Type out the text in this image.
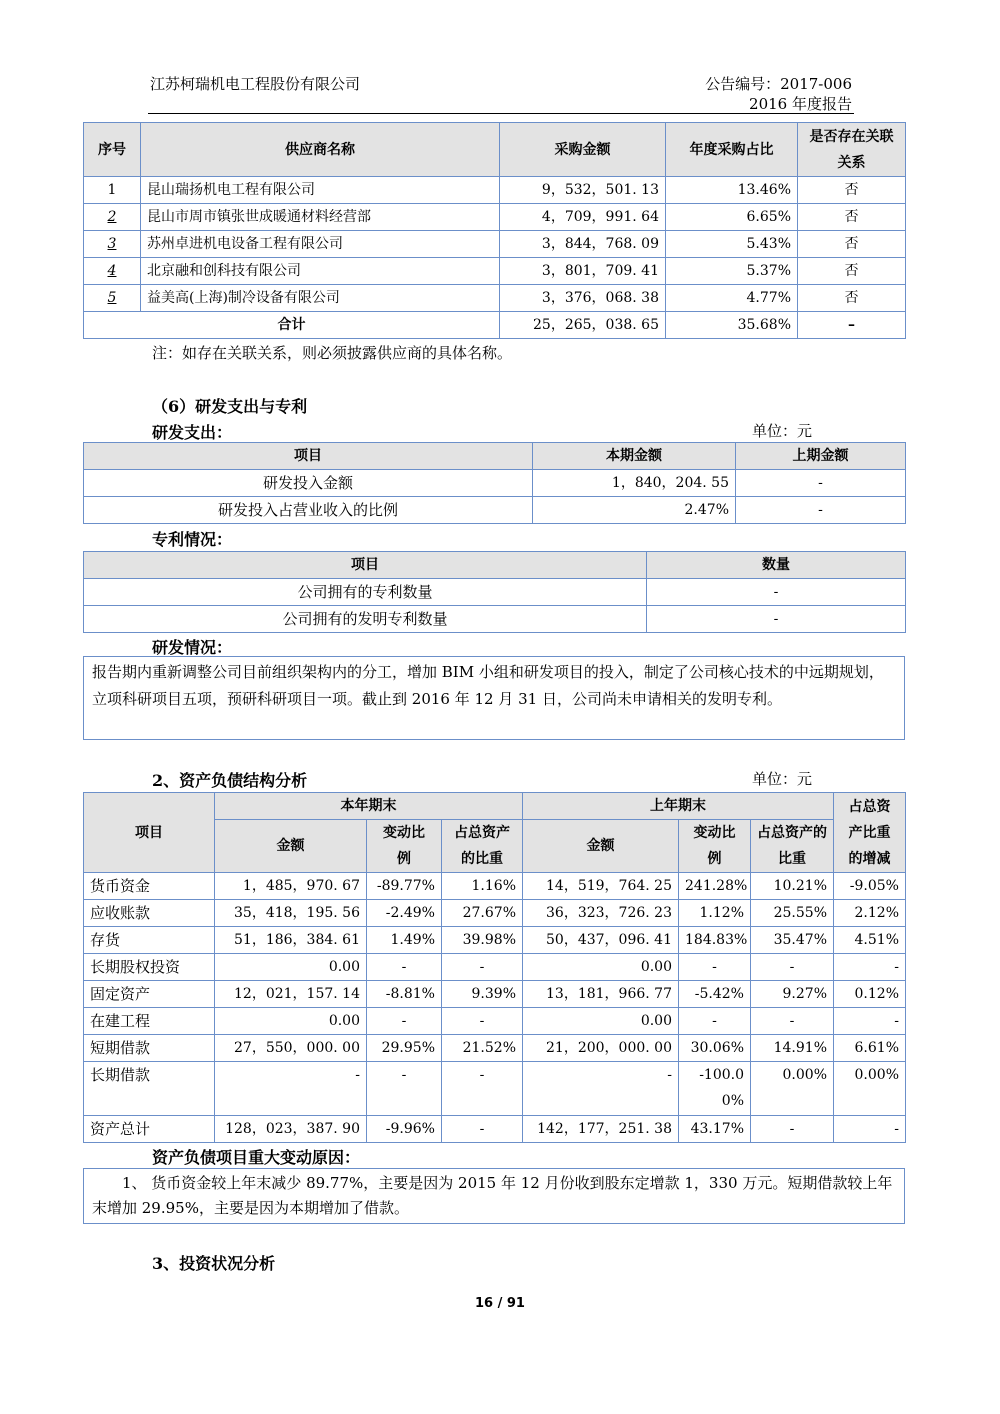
江苏柯瑞机电工程股份有限公司	公告编号：2017-006
2016 年度报告
序号	供应商名称	采购金额	年度采购占比	是否存在关联关系
1	昆山瑞扬机电工程有限公司	9，532，501. 13	13.46%	否
2	昆山市周市镇张世成暖通材料经营部	4，709，991. 64	6.65%	否
3	苏州卓进机电设备工程有限公司	3，844，768. 09	5.43%	否
4	北京融和创科技有限公司	3，801，709. 41	5.37%	否
5	益美高(上海)制冷设备有限公司	3，376，068. 38	4.77%	否
合计		25，265，038. 65	35.68%	–
注：如存在关联关系，则必须披露供应商的具体名称。
（6）研发支出与专利
研发支出：	单位：元
项目	本期金额	上期金额
研发投入金额	1，840，204. 55	-
研发投入占营业收入的比例	2.47%	-
专利情况：
项目	数量
公司拥有的专利数量	-
公司拥有的发明专利数量	-
研发情况：
报告期内重新调整公司目前组织架构内的分工，增加 BIM 小组和研发项目的投入，制定了公司核心技术的中远期规划，立项科研项目五项，预研科研项目一项。截止到 2016 年 12 月 31 日，公司尚未申请相关的发明专利。
2、资产负债结构分析	单位：元
项目	本年期末			上年期末			占总资产比重的增减
	金额	变动比例	占总资产的比重	金额	变动比例	占总资产的比重	
货币资金	1，485，970. 67	-89.77%	1.16%	14，519，764. 25	241.28%	10.21%	-9.05%
应收账款	35，418，195. 56	-2.49%	27.67%	36，323，726. 23	1.12%	25.55%	2.12%
存货	51，186，384. 61	1.49%	39.98%	50，437，096. 41	184.83%	35.47%	4.51%
长期股权投资	0.00	-	-	0.00	-	-	-
固定资产	12，021，157. 14	-8.81%	9.39%	13，181，966. 77	-5.42%	9.27%	0.12%
在建工程	0.00	-	-	0.00	-	-	-
短期借款	27，550，000. 00	29.95%	21.52%	21，200，000. 00	30.06%	14.91%	6.61%
长期借款	-	-	-	-	-100.00%	0.00%	0.00%
资产总计	128，023，387. 90	-9.96%	-	142，177，251. 38	43.17%	-	-
资产负债项目重大变动原因：
1、 货币资金较上年末减少 89.77%，主要是因为 2015 年 12 月份收到股东定增款 1，330 万元。短期借款较上年末增加 29.95%，主要是因为本期增加了借款。
3、投资状况分析
16 / 91
